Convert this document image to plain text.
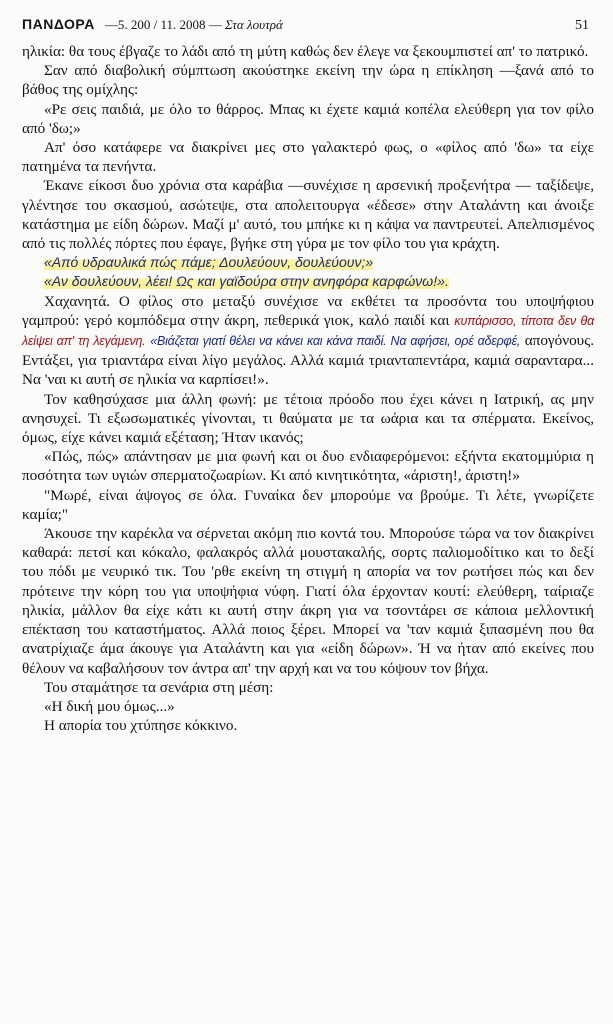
ΠΑΝΔΟΡΑ —5. 200 / 11. 2008 — Στα λουτρά	51

ηλικία: θα τους έβγαζε το λάδι από τη μύτη καθώς δεν έλεγε να ξεκουμπιστεί απ' το πατρικό.

Σαν από διαβολική σύμπτωση ακούστηκε εκείνη την ώρα η επίκληση —ξανά από το βάθος της ομίχλης:

«Ρε σεις παιδιά, με όλο το θάρρος. Μπας κι έχετε καμιά κοπέλα ελεύθερη για τον φίλο από 'δω;»

Απ' όσο κατάφερε να διακρίνει μες στο γαλακτερό φως, ο «φίλος από 'δω» τα είχε πατημένα τα πενήντα.

Έκανε είκοσι δυο χρόνια στα καράβια —συνέχισε η αρσενική προξενήτρα — ταξίδεψε, γλέντησε του σκασμού, ασώτεψε, στα απολειτουργα «έδεσε» στην Αταλάντη και άνοιξε κατάστημα με είδη δώρων. Μαζί μ' αυτό, του μπήκε κι η κάψα να παντρευτεί. Απελπισμένος από τις πολλές πόρτες που έφαγε, βγήκε στη γύρα με τον φίλο του για κράχτη.

«Από υδραυλικά πώς πάμε; Δουλεύουν, δουλεύουν;»

«Αν δουλεύουν, λέει! Ως και γαϊδούρα στην ανηφόρα καρφώνω!».

Χαχανητά. Ο φίλος στο μεταξύ συνέχισε να εκθέτει τα προσόντα του υποψήφιου γαμπρού: γερό κομπόδεμα στην άκρη, πεθερικά γιοκ, καλό παιδί και κυπάρισσο, τίποτα δεν θα λείψει απ' τη λεγάμενη. «Βιάζεται γιατί θέλει να κάνει και κάνα παιδί. Να αφήσει, ορέ αδερφέ, απογόνους. Εντάξει, για τριαντάρα είναι λίγο μεγάλος. Αλλά καμιά τριανταπεντάρα, καμιά σαρανταρα... Να 'ναι κι αυτή σε ηλικία να καρπίσει!».

Τον καθησύχασε μια άλλη φωνή: με τέτοια πρόοδο που έχει κάνει η Ιατρική, ας μην ανησυχεί. Τι εξωσωματικές γίνονται, τι θαύματα με τα ωάρια και τα σπέρματα. Εκείνος, όμως, είχε κάνει καμιά εξέταση; Ήταν ικανός;

«Πώς, πώς» απάντησαν με μια φωνή και οι δυο ενδιαφερόμενοι: εξήντα εκατομμύρια η ποσότητα των υγιών σπερματοζωαρίων. Κι από κινητικότητα, «άριστη!, άριστη!»

"Μωρέ, είναι άψογος σε όλα. Γυναίκα δεν μπορούμε να βρούμε. Τι λέτε, γνωρίζετε καμία;"

Άκουσε την καρέκλα να σέρνεται ακόμη πιο κοντά του. Μπορούσε τώρα να τον διακρίνει καθαρά: πετσί και κόκαλο, φαλακρός αλλά μουστακαλής, σορτς παλιομοδίτικο και το δεξί του πόδι με νευρικό τικ. Του 'ρθε εκείνη τη στιγμή η απορία να τον ρωτήσει πώς και δεν πρότεινε την κόρη του για υποψήφια νύφη. Γιατί όλα έρχονταν κουτί: ελεύθερη, ταίριαζε ηλικία, μάλλον θα είχε κάτι κι αυτή στην άκρη για να τσοντάρει σε κάποια μελλοντική επέκταση του καταστήματος. Αλλά ποιος ξέρει. Μπορεί να 'ταν καμιά ξιπασμένη που θα ανατρίχιαζε άμα άκουγε για Αταλάντη και για «είδη δώρων». Ή να ήταν από εκείνες που θέλουν να καβαλήσουν τον άντρα απ' την αρχή και να του κόψουν τον βήχα.

Του σταμάτησε τα σενάρια στη μέση:

«Η δική μου όμως...»

Η απορία του χτύπησε κόκκινο.
